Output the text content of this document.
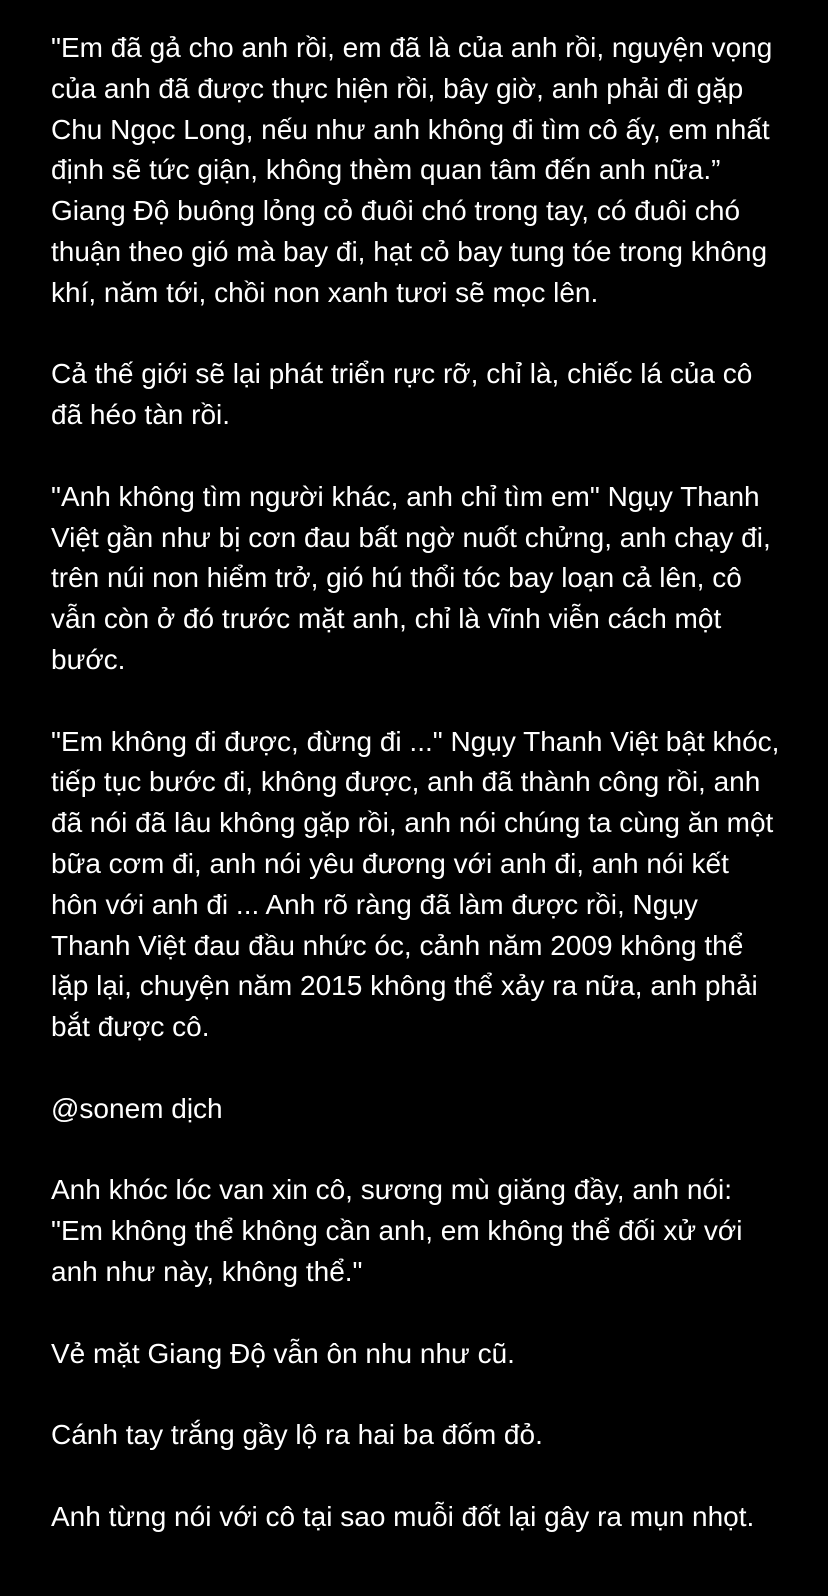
"Em đã gả cho anh rồi, em đã là của anh rồi, nguyện vọng của anh đã được thực hiện rồi, bây giờ, anh phải đi gặp Chu Ngọc Long, nếu như anh không đi tìm cô ấy, em nhất định sẽ tức giận, không thèm quan tâm đến anh nữa.” Giang Độ buông lỏng cỏ đuôi chó trong tay, có đuôi chó thuận theo gió mà bay đi, hạt cỏ bay tung tóe trong không khí, năm tới, chồi non xanh tươi sẽ mọc lên.

Cả thế giới sẽ lại phát triển rực rỡ, chỉ là, chiếc lá của cô đã héo tàn rồi.

"Anh không tìm người khác, anh chỉ tìm em" Ngụy Thanh Việt gần như bị cơn đau bất ngờ nuốt chửng, anh chạy đi, trên núi non hiểm trở, gió hú thổi tóc bay loạn cả lên, cô vẫn còn ở đó trước mặt anh, chỉ là vĩnh viễn cách một bước.

"Em không đi được, đừng đi ..." Ngụy Thanh Việt bật khóc, tiếp tục bước đi, không được, anh đã thành công rồi, anh đã nói đã lâu không gặp rồi, anh nói chúng ta cùng ăn một bữa cơm đi, anh nói yêu đương với anh đi, anh nói kết hôn với anh đi ... Anh rõ ràng đã làm được rồi, Ngụy Thanh Việt đau đầu nhức óc, cảnh năm 2009 không thể lặp lại, chuyện năm 2015 không thể xảy ra nữa, anh phải bắt được cô.

@sonem dịch

Anh khóc lóc van xin cô, sương mù giăng đầy, anh nói: "Em không thể không cần anh, em không thể đối xử với anh như này, không thể."

Vẻ mặt Giang Độ vẫn ôn nhu như cũ.

Cánh tay trắng gầy lộ ra hai ba đốm đỏ.

Anh từng nói với cô tại sao muỗi đốt lại gây ra mụn nhọt.
